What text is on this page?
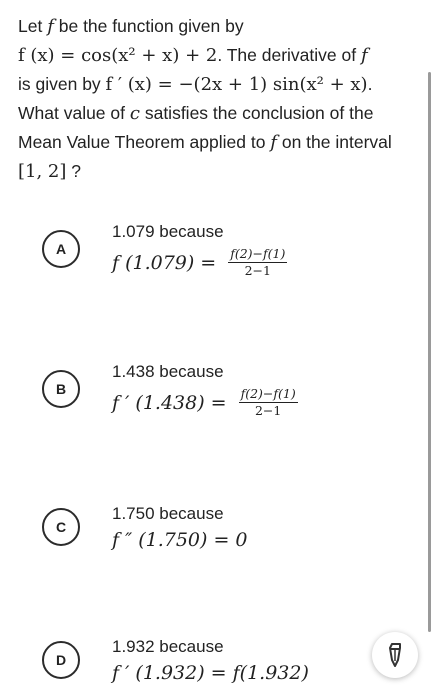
Let f be the function given by
f (x) = cos(x² + x) + 2. The derivative of f
is given by f ′ (x) = −(2x + 1) sin(x² + x).
What value of c satisfies the conclusion of the
Mean Value Theorem applied to f on the interval
[1, 2] ?
A
1.079 because
f $(1.079) = \frac{f(2)-f(1)}{2-1}$
B
1.438 because
f ′ $(1.438) = \frac{f(2)-f(1)}{2-1}$
C
1.750 because
f ″ (1.750) = 0
D
1.932 because
f ′ (1.932) = f(1.932)
